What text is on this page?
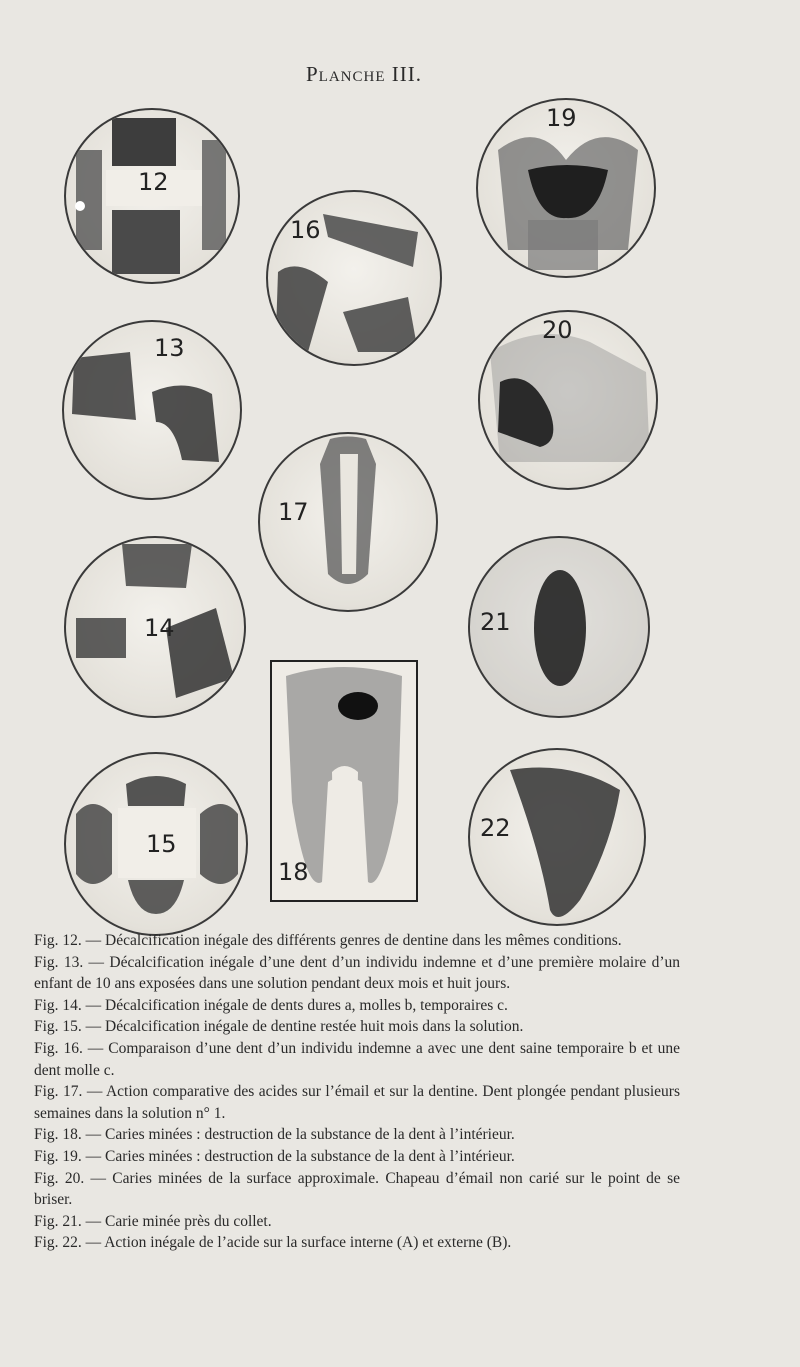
Planche III.
12
19
16
13
20
17
14	21
18
15
22

Fig. 12. — Décalcification inégale des différents genres de dentine dans les mêmes conditions.

Fig. 13. — Décalcification inégale d’une dent d’un individu indemne et d’une première molaire d’un enfant de 10 ans exposées dans une solution pendant deux mois et huit jours.

Fig. 14. — Décalcification inégale de dents dures a, molles b, temporaires c.

Fig. 15. — Décalcification inégale de dentine restée huit mois dans la solution.

Fig. 16. — Comparaison d’une dent d’un individu indemne a avec une dent saine temporaire b et une dent molle c.

Fig. 17. — Action comparative des acides sur l’émail et sur la dentine. Dent plongée pendant plusieurs semaines dans la solution n° 1.

Fig. 18. — Caries minées : destruction de la substance de la dent à l’intérieur.

Fig. 19. — Caries minées : destruction de la substance de la dent à l’intérieur.

Fig. 20. — Caries minées de la surface approximale. Chapeau d’émail non carié sur le point de se briser.

Fig. 21. — Carie minée près du collet.

Fig. 22. — Action inégale de l’acide sur la surface interne (A) et externe (B).
